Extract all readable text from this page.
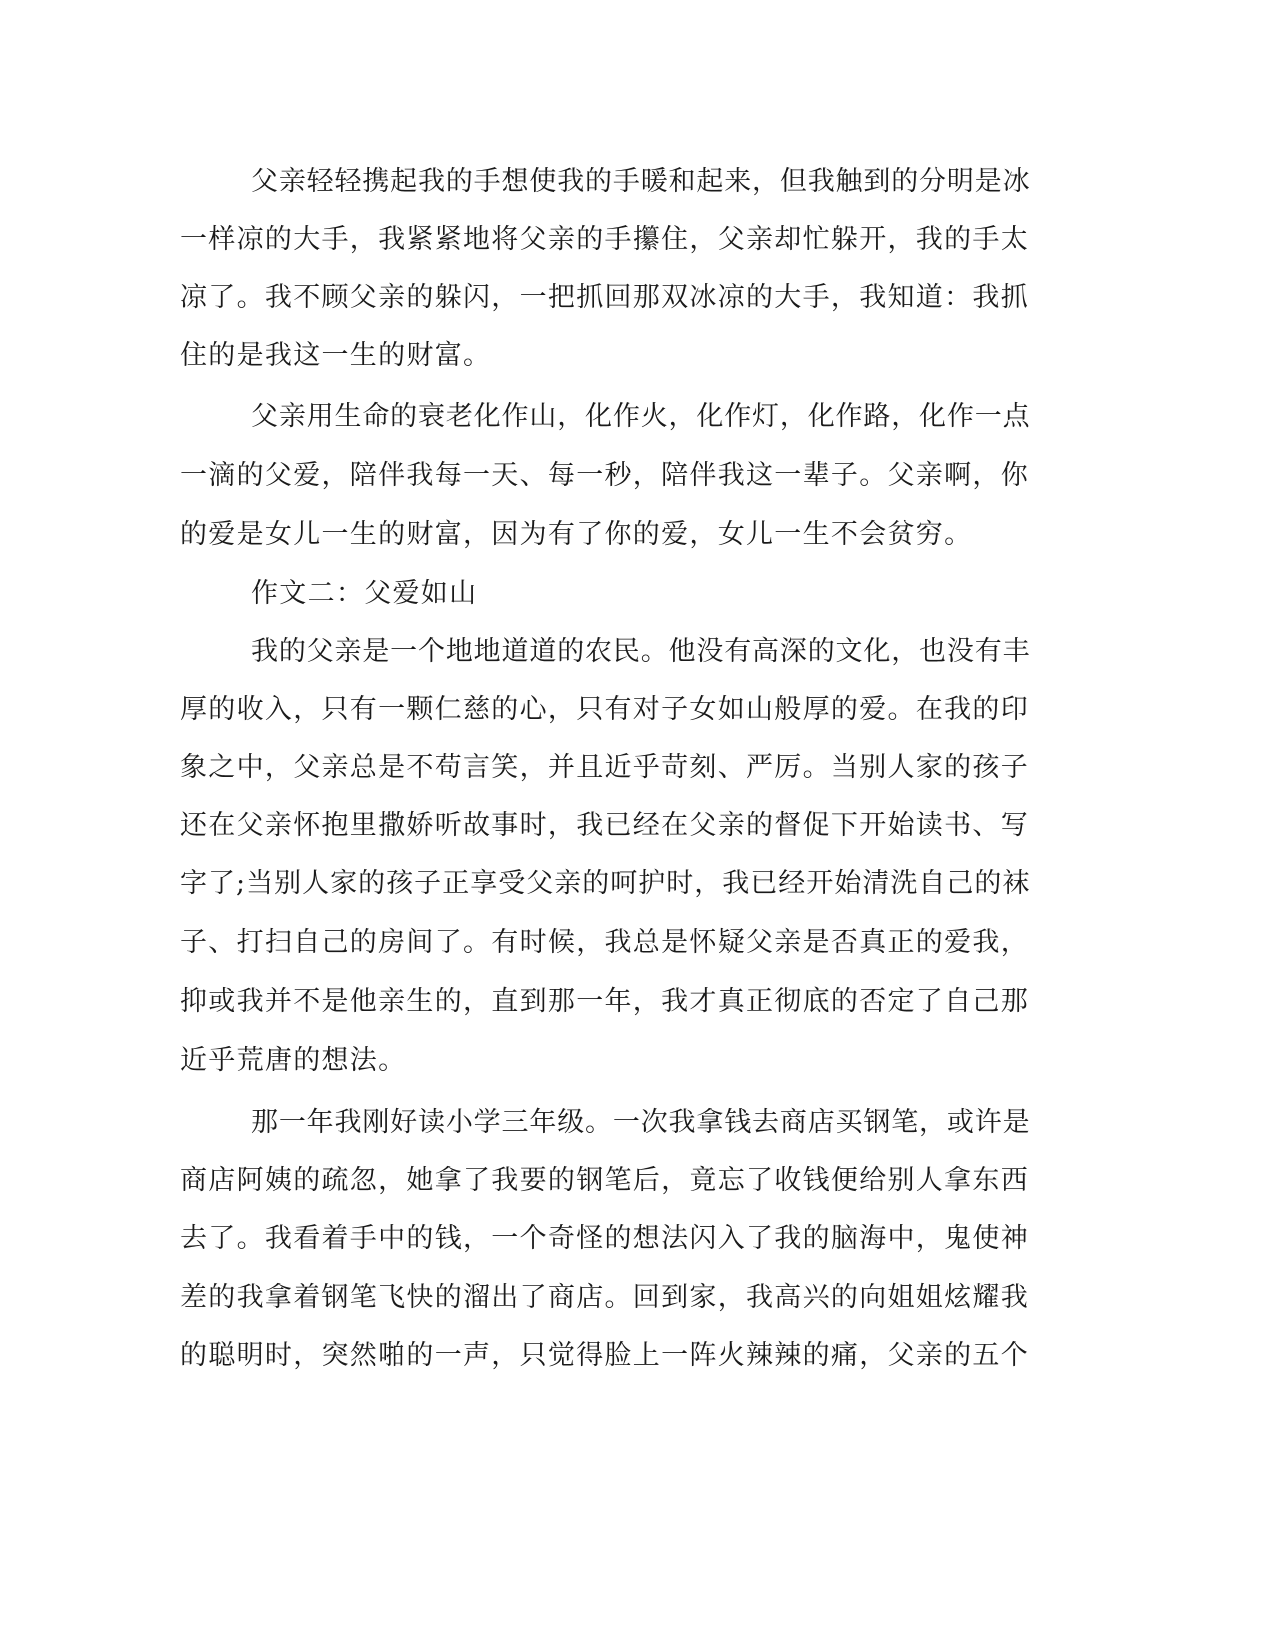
父亲轻轻携起我的手想使我的手暖和起来，但我触到的分明是冰
一样凉的大手，我紧紧地将父亲的手攥住，父亲却忙躲开，我的手太
凉了。我不顾父亲的躲闪，一把抓回那双冰凉的大手，我知道：我抓
住的是我这一生的财富。
父亲用生命的衰老化作山，化作火，化作灯，化作路，化作一点
一滴的父爱，陪伴我每一天、每一秒，陪伴我这一辈子。父亲啊，你
的爱是女儿一生的财富，因为有了你的爱，女儿一生不会贫穷。
作文二：父爱如山
我的父亲是一个地地道道的农民。他没有高深的文化，也没有丰
厚的收入，只有一颗仁慈的心，只有对子女如山般厚的爱。在我的印
象之中，父亲总是不苟言笑，并且近乎苛刻、严厉。当别人家的孩子
还在父亲怀抱里撒娇听故事时，我已经在父亲的督促下开始读书、写
字了;当别人家的孩子正享受父亲的呵护时，我已经开始清洗自己的袜
子、打扫自己的房间了。有时候，我总是怀疑父亲是否真正的爱我，
抑或我并不是他亲生的，直到那一年，我才真正彻底的否定了自己那
近乎荒唐的想法。
那一年我刚好读小学三年级。一次我拿钱去商店买钢笔，或许是
商店阿姨的疏忽，她拿了我要的钢笔后，竟忘了收钱便给别人拿东西
去了。我看着手中的钱，一个奇怪的想法闪入了我的脑海中，鬼使神
差的我拿着钢笔飞快的溜出了商店。回到家，我高兴的向姐姐炫耀我
的聪明时，突然啪的一声，只觉得脸上一阵火辣辣的痛，父亲的五个
